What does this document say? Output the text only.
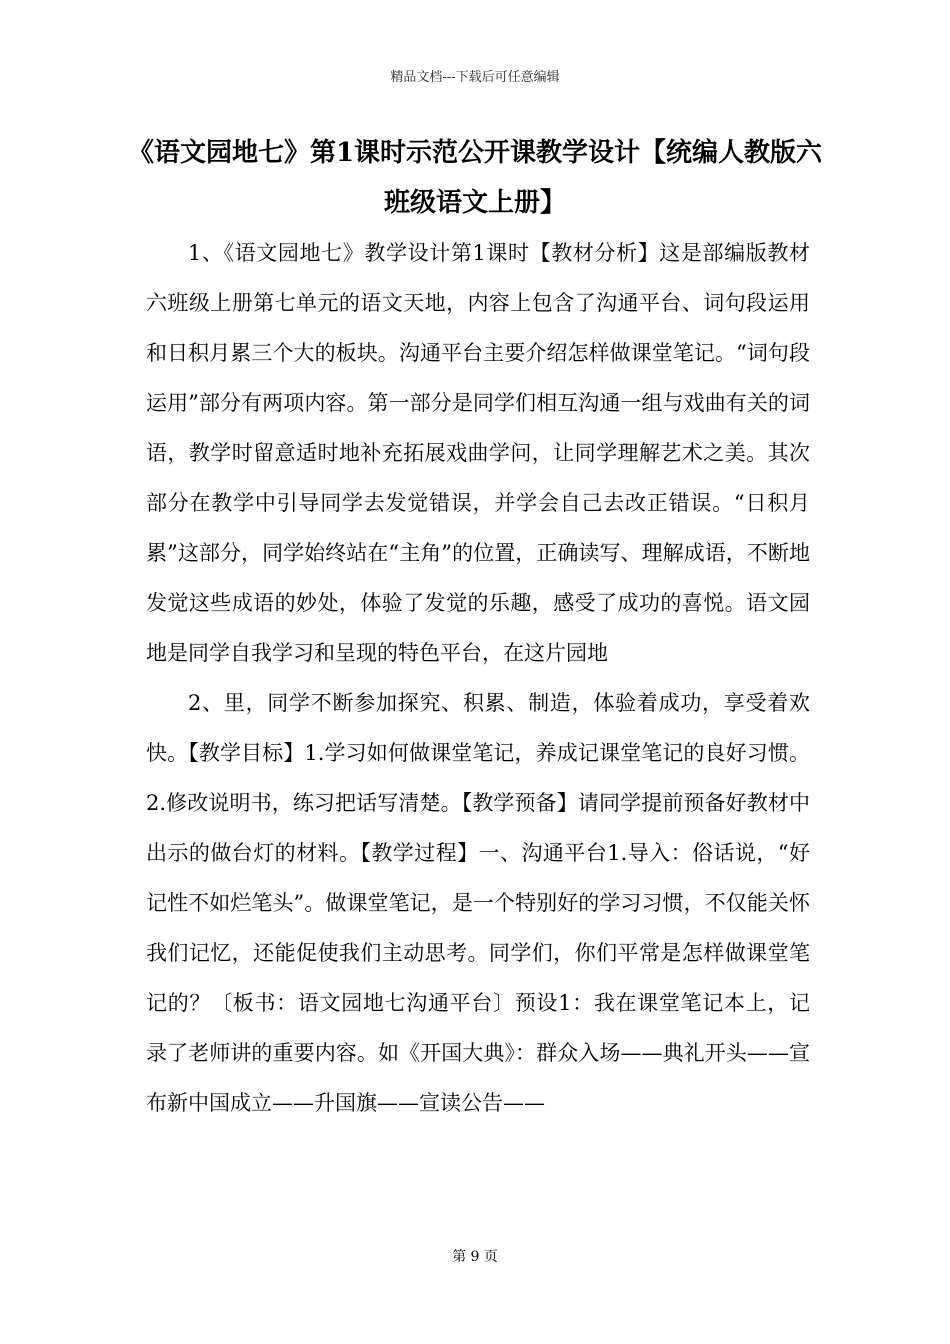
精品文档---下载后可任意编辑
《语文园地七》第1课时示范公开课教学设计【统编人教版六班级语文上册】

1、《语文园地七》教学设计第1课时【教材分析】这是部编版教材六班级上册第七单元的语文天地，内容上包含了沟通平台、词句段运用和日积月累三个大的板块。沟通平台主要介绍怎样做课堂笔记。“词句段运用”部分有两项内容。第一部分是同学们相互沟通一组与戏曲有关的词语，教学时留意适时地补充拓展戏曲学问，让同学理解艺术之美。其次部分在教学中引导同学去发觉错误，并学会自己去改正错误。“日积月累”这部分，同学始终站在“主角”的位置，正确读写、理解成语，不断地发觉这些成语的妙处，体验了发觉的乐趣，感受了成功的喜悦。语文园地是同学自我学习和呈现的特色平台，在这片园地

2、里，同学不断参加探究、积累、制造，体验着成功，享受着欢快。【教学目标】1.学习如何做课堂笔记，养成记课堂笔记的良好习惯。2.修改说明书，练习把话写清楚。【教学预备】请同学提前预备好教材中出示的做台灯的材料。【教学过程】一、沟通平台1.导入：俗话说，“好记性不如烂笔头”。做课堂笔记，是一个特别好的学习习惯，不仅能关怀我们记忆，还能促使我们主动思考。同学们，你们平常是怎样做课堂笔记的？〔板书：语文园地七沟通平台〕预设1：我在课堂笔记本上，记录了老师讲的重要内容。如《开国大典》：群众入场——典礼开头——宣布新中国成立——升国旗——宣读公告——

第 9 页
